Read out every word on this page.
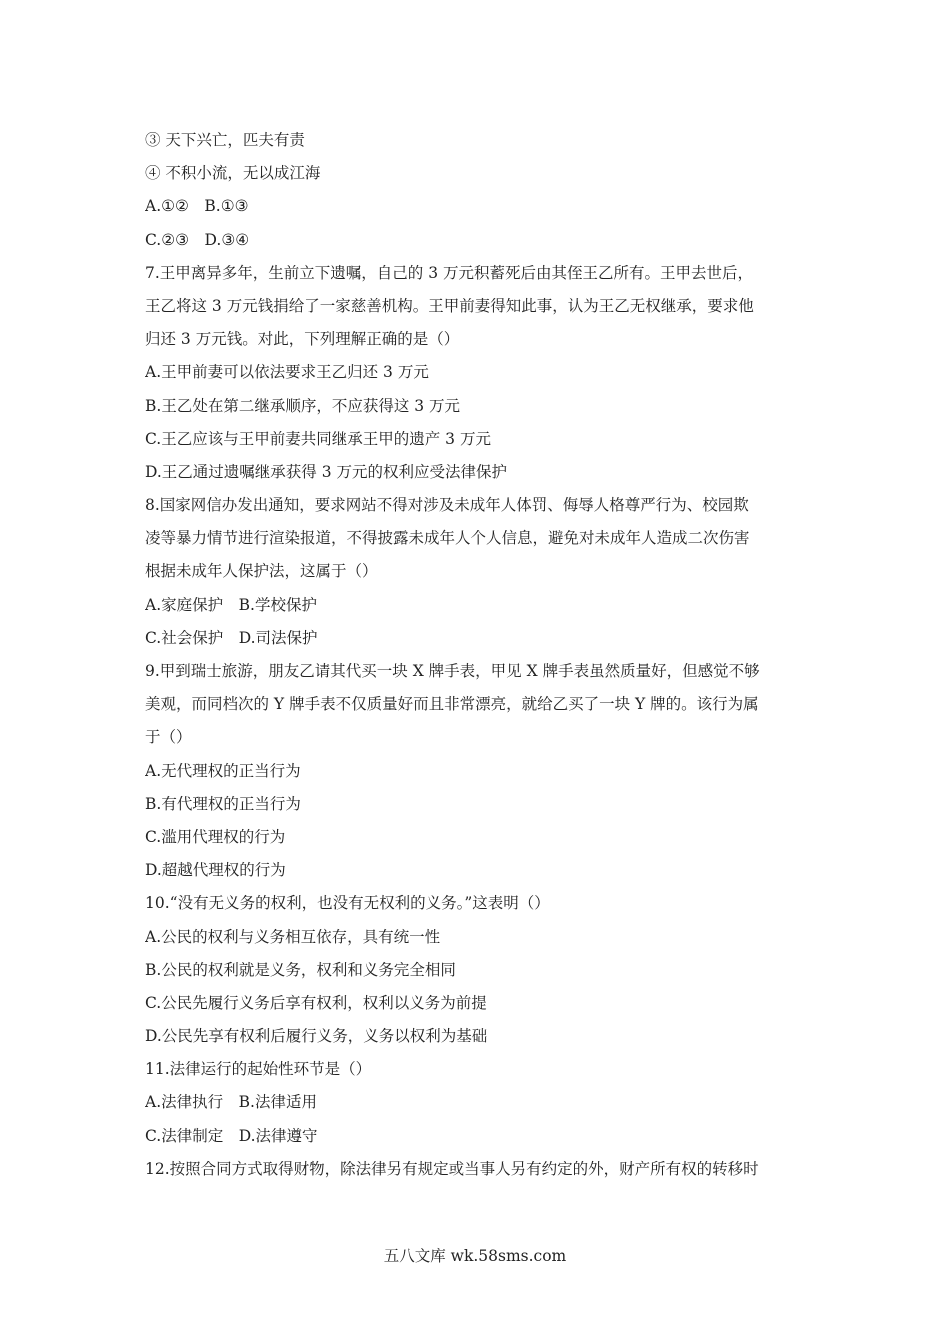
③ 天下兴亡，匹夫有责
④ 不积小流，无以成江海
A.①②　B.①③
C.②③　D.③④
7.王甲离异多年，生前立下遗嘱，自己的 3 万元积蓄死后由其侄王乙所有。王甲去世后，
王乙将这 3 万元钱捐给了一家慈善机构。王甲前妻得知此事，认为王乙无权继承，要求他
归还 3 万元钱。对此，下列理解正确的是（）
A.王甲前妻可以依法要求王乙归还 3 万元
B.王乙处在第二继承顺序，不应获得这 3 万元
C.王乙应该与王甲前妻共同继承王甲的遗产 3 万元
D.王乙通过遗嘱继承获得 3 万元的权利应受法律保护
8.国家网信办发出通知，要求网站不得对涉及未成年人体罚、侮辱人格尊严行为、校园欺
凌等暴力情节进行渲染报道，不得披露未成年人个人信息，避免对未成年人造成二次伤害
根据未成年人保护法，这属于（）
A.家庭保护　B.学校保护
C.社会保护　D.司法保护
9.甲到瑞士旅游，朋友乙请其代买一块 X 牌手表，甲见 X 牌手表虽然质量好，但感觉不够
美观，而同档次的 Y 牌手表不仅质量好而且非常漂亮，就给乙买了一块 Y 牌的。该行为属
于（）
A.无代理权的正当行为
B.有代理权的正当行为
C.滥用代理权的行为
D.超越代理权的行为
10.“没有无义务的权利，也没有无权利的义务。”这表明（）
A.公民的权利与义务相互依存，具有统一性
B.公民的权利就是义务，权利和义务完全相同
C.公民先履行义务后享有权利，权利以义务为前提
D.公民先享有权利后履行义务，义务以权利为基础
11.法律运行的起始性环节是（）
A.法律执行　B.法律适用
C.法律制定　D.法律遵守
12.按照合同方式取得财物，除法律另有规定或当事人另有约定的外，财产所有权的转移时
五八文库 wk.58sms.com
